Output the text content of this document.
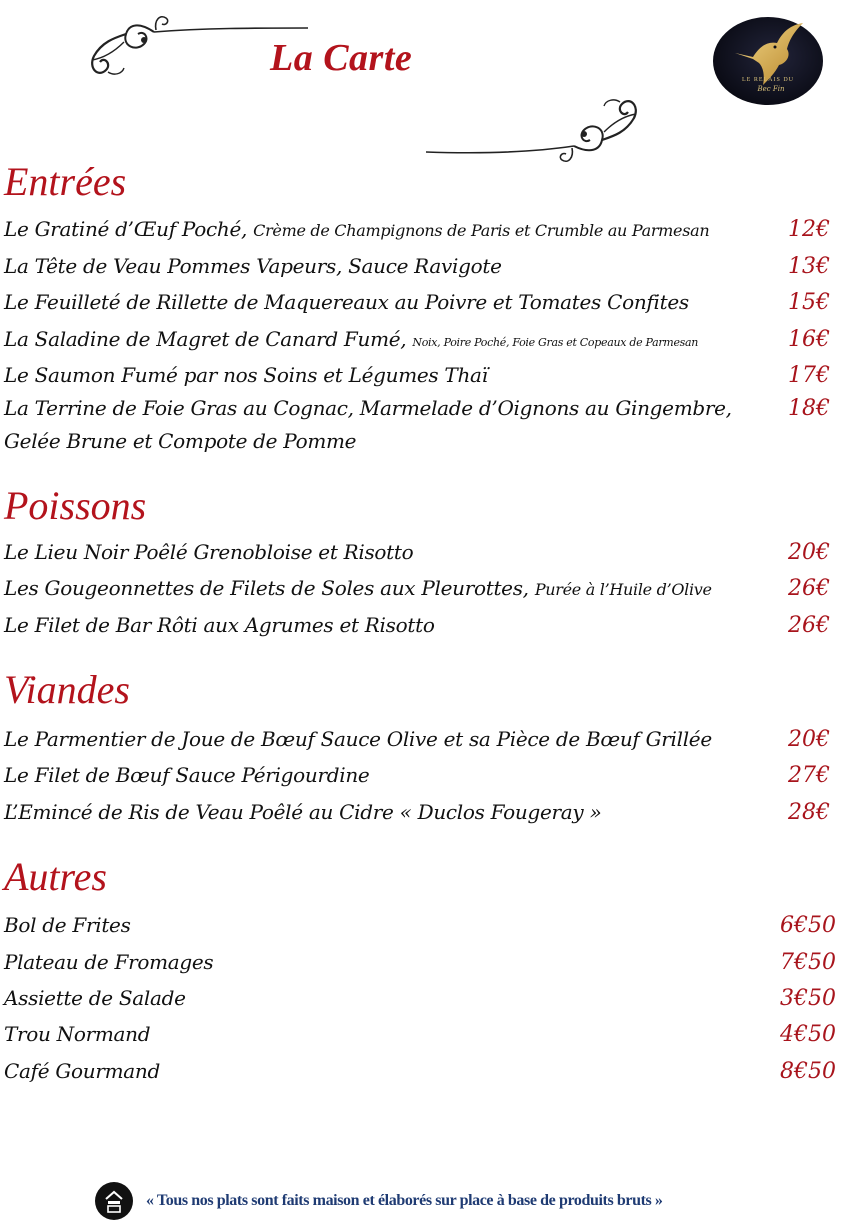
La Carte
LE RELAIS DU
Bec Fin
Entrées
Le Gratiné d’Œuf Poché, Crème de Champignons de Paris et Crumble au Parmesan	12€
La Tête de Veau Pommes Vapeurs, Sauce Ravigote	13€
Le Feuilleté de Rillette de Maquereaux au Poivre et Tomates Confites	15€
La Saladine de Magret de Canard Fumé, Noix, Poire Poché, Foie Gras et Copeaux de Parmesan	16€
Le Saumon Fumé par nos Soins et Légumes Thaï	17€
La Terrine de Foie Gras au Cognac, Marmelade d’Oignons au Gingembre,
Gelée Brune et Compote de Pomme
18€
Poissons
Le Lieu Noir Poêlé Grenobloise et Risotto	20€
Les Gougeonnettes de Filets de Soles aux Pleurottes, Purée à l’Huile d’Olive	26€
Le Filet de Bar Rôti aux Agrumes et Risotto	26€
Viandes
Le Parmentier de Joue de Bœuf Sauce Olive et sa Pièce de Bœuf Grillée	20€
Le Filet de Bœuf Sauce Périgourdine	27€
L’Emincé de Ris de Veau Poêlé au Cidre « Duclos Fougeray »	28€
Autres
Bol de Frites	6€50
Plateau de Fromages	7€50
Assiette de Salade	3€50
Trou Normand	4€50
Café Gourmand	8€50
« Tous nos plats sont faits maison et élaborés sur place à base de produits bruts »
